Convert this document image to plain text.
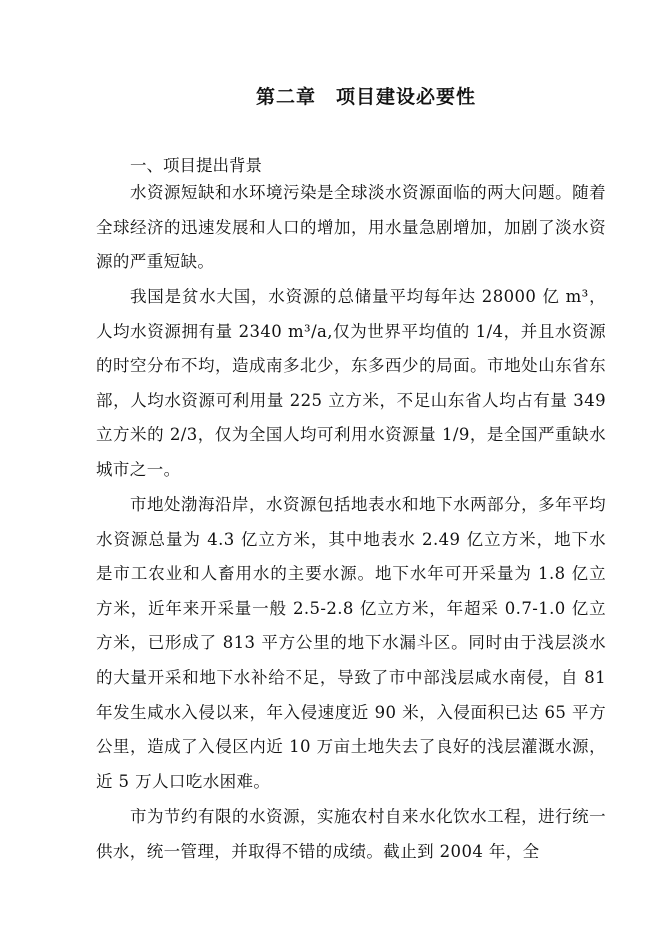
第二章　项目建设必要性
一、项目提出背景

水资源短缺和水环境污染是全球淡水资源面临的两大问题。随着全球经济的迅速发展和人口的增加，用水量急剧增加，加剧了淡水资源的严重短缺。

我国是贫水大国，水资源的总储量平均每年达 28000 亿 m³，人均水资源拥有量 2340 m³/a,仅为世界平均值的 1/4，并且水资源的时空分布不均，造成南多北少，东多西少的局面。市地处山东省东部，人均水资源可利用量 225 立方米，不足山东省人均占有量 349 立方米的 2/3，仅为全国人均可利用水资源量 1/9，是全国严重缺水城市之一。

市地处渤海沿岸，水资源包括地表水和地下水两部分，多年平均水资源总量为 4.3 亿立方米，其中地表水 2.49 亿立方米，地下水是市工农业和人畜用水的主要水源。地下水年可开采量为 1.8 亿立方米，近年来开采量一般 2.5-2.8 亿立方米，年超采 0.7-1.0 亿立方米，已形成了 813 平方公里的地下水漏斗区。同时由于浅层淡水的大量开采和地下水补给不足，导致了市中部浅层咸水南侵，自 81 年发生咸水入侵以来，年入侵速度近 90 米，入侵面积已达 65 平方公里，造成了入侵区内近 10 万亩土地失去了良好的浅层灌溉水源，近 5 万人口吃水困难。

市为节约有限的水资源，实施农村自来水化饮水工程，进行统一供水，统一管理，并取得不错的成绩。截止到 2004 年，全
